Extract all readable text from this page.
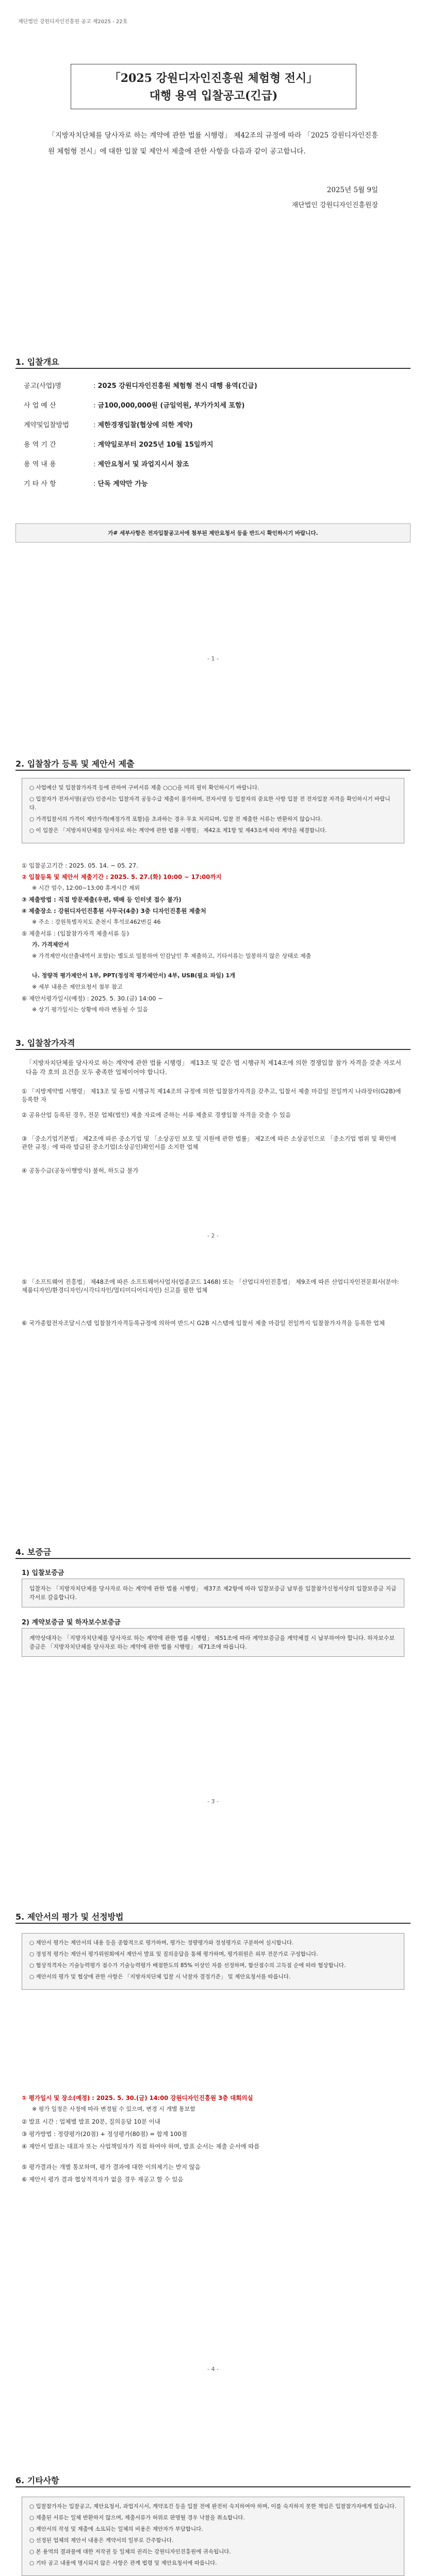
재단법인 강원디자인진흥원 공고 제2025 - 22호
「2025 강원디자인진흥원 체험형 전시」
대행 용역 입찰공고(긴급)
「지방자치단체를 당사자로 하는 계약에 관한 법률 시행령」 제42조의 규정에 따라 「2025 강원디자인진흥원 체험형 전시」에 대한 입찰 및 제안서 제출에 관한 사항을 다음과 같이 공고합니다.
2025년 5월 9일
재단법인 강원디자인진흥원장
1. 입찰개요
공고(사업)명	: 2025 강원디자인진흥원 체험형 전시 대행 용역(긴급)
사 업 예 산	: 금100,000,000원 (금일억원, 부가가치세 포함)
계약및입찰방법	: 제한경쟁입찰(협상에 의한 계약)
용 역 기 간	: 계약일로부터 2025년 10월 15일까지
용 역 내 용	: 제안요청서 및 과업지시서 참조
기 타 사 항	: 단독 계약만 가능
가# 세부사항은 전자입찰공고서에 첨부된 제안요청서 등을 반드시 확인하시기 바랍니다.
- 1 -
2. 입찰참가 등록 및 제안서 제출

○ 사업예산 및 입찰참가자격 등에 관하여 구비서류 제출 ○○○을 미리 필히 확인하시기 바랍니다.

○ 입찰자가 전자서명(공인) 인증서는 입찰자격 공동수급 제출이 불가하며, 전자서명 등 입찰자의 중요한 사항 입찰 전 전자입찰 자격을 확인하시기 바랍니다.

○ 가격입찰서의 가격이 제안가격(예정가격 포함)을 초과하는 경우 무효 처리되며, 입찰 전 제출한 서류는 반환하지 않습니다.

○ 이 입찰은 「지방자치단체를 당사자로 하는 계약에 관한 법률 시행령」 제42조 제1항 및 제43조에 따라 계약을 체결합니다.

① 입찰공고기간 : 2025. 05. 14. ~ 05. 27.
② 입찰등록 및 제안서 제출기간 : 2025. 5. 27.(화) 10:00 ~ 17:00까지
※ 시간 엄수, 12:00~13:00 휴게시간 제외
③ 제출방법 : 직접 방문제출(우편, 택배 등 인터넷 접수 불가)
④ 제출장소 : 강원디자인진흥원 사무국(4층) 3층 디자인진흥원 제출처
※ 주소 : 강원특별자치도 춘천시 후석로462번길 46
⑤ 제출서류 : (입찰참가자격 제출서류 등)
가. 가격제안서
※ 가격제안서(산출내역서 포함)는 별도로 밀봉하여 인감날인 후 제출하고, 기타서류는 밀봉하지 않은 상태로 제출
나. 정량적 평가제안서 1부, PPT(정성적 평가제안서) 4부, USB(필요 파일) 1개
※ 세부 내용은 제안요청서 첨부 참고
⑥ 제안서평가일시(예정) : 2025. 5. 30.(금) 14:00 ~
※ 상기 평가일시는 상황에 따라 변동될 수 있음
3. 입찰참가자격
「지방자치단체를 당사자로 하는 계약에 관한 법률 시행령」 제13조 및 같은 법 시행규칙 제14조에 의한 경쟁입찰 참가 자격을 갖춘 자로서 다음 각 호의 요건을 모두 충족한 업체이어야 합니다.
① 「지방계약법 시행령」 제13조 및 동법 시행규칙 제14조의 규정에 의한 입찰참가자격을 갖추고, 입찰서 제출 마감일 전일까지 나라장터(G2B)에 등록한 자
② 공유산업 등록된 경우, 전문 업체(법인) 제출 자료에 준하는 서류 제출로 경쟁입찰 자격을 갖출 수 있음
③ 「중소기업기본법」 제2조에 따른 중소기업 및 「소상공인 보호 및 지원에 관한 법률」 제2조에 따른 소상공인으로 「중소기업 범위 및 확인에 관한 규정」에 따라 발급된 중소기업(소상공인)확인서를 소지한 업체
④ 공동수급(공동이행방식) 불허, 하도급 불가
- 2 -
⑤ 「소프트웨어 진흥법」 제48조에 따른 소프트웨어사업자(업종코드 1468) 또는 「산업디자인진흥법」 제9조에 따른 산업디자인전문회사(분야: 제품디자인/환경디자인/시각디자인/멀티미디어디자인) 신고를 필한 업체
⑥ 국가종합전자조달시스템 입찰참가자격등록규정에 의하여 반드시 G2B 시스템에 입찰서 제출 마감일 전일까지 입찰참가자격을 등록한 업체
4. 보증금
1) 입찰보증금
입찰자는 「지방자치단체를 당사자로 하는 계약에 관한 법률 시행령」 제37조 제2항에 따라 입찰보증금 납부를 입찰참가신청서상의 입찰보증금 지급각서로 갈음합니다.
2) 계약보증금 및 하자보수보증금
계약상대자는 「지방자치단체를 당사자로 하는 계약에 관한 법률 시행령」 제51조에 따라 계약보증금을 계약체결 시 납부하여야 합니다. 하자보수보증금은 「지방자치단체를 당사자로 하는 계약에 관한 법률 시행령」 제71조에 따릅니다.
- 3 -
5. 제안서의 평가 및 선정방법

○ 제안서 평가는 제안서의 내용 등을 종합적으로 평가하며, 평가는 정량평가와 정성평가로 구분하여 실시합니다.

○ 정성적 평가는 제안서 평가위원회에서 제안서 발표 및 질의응답을 통해 평가하며, 평가위원은 외부 전문가로 구성합니다.

○ 협상적격자는 기술능력평가 점수가 기술능력평가 배점한도의 85% 이상인 자를 선정하며, 합산점수의 고득점 순에 따라 협상합니다.

○ 제안서의 평가 및 협상에 관한 사항은 「지방자치단체 입찰 시 낙찰자 결정기준」 및 제안요청서를 따릅니다.

① 평가일시 및 장소(예정) : 2025. 5. 30.(금) 14:00 강원디자인진흥원 3층 대회의실
※ 평가 일정은 사정에 따라 변경될 수 있으며, 변경 시 개별 통보함
② 발표 시간 : 업체별 발표 20분, 질의응답 10분 이내
③ 평가방법 : 정량평가(20점) + 정성평가(80점) = 합계 100점
④ 제안서 발표는 대표자 또는 사업책임자가 직접 하여야 하며, 발표 순서는 제출 순서에 따름
⑤ 평가결과는 개별 통보하며, 평가 결과에 대한 이의제기는 받지 않음
⑥ 제안서 평가 결과 협상적격자가 없을 경우 재공고 할 수 있음
- 4 -
6. 기타사항

○ 입찰참가자는 입찰공고, 제안요청서, 과업지시서, 계약조건 등을 입찰 전에 완전히 숙지하여야 하며, 이를 숙지하지 못한 책임은 입찰참가자에게 있습니다.

○ 제출된 서류는 일체 반환하지 않으며, 제출서류가 허위로 판명될 경우 낙찰을 취소합니다.

○ 제안서의 작성 및 제출에 소요되는 일체의 비용은 제안자가 부담합니다.

○ 선정된 업체의 제안서 내용은 계약서의 일부로 간주합니다.

○ 본 용역의 결과물에 대한 저작권 등 일체의 권리는 강원디자인진흥원에 귀속됩니다.

○ 기타 공고 내용에 명시되지 않은 사항은 관계 법령 및 제안요청서에 따릅니다.
